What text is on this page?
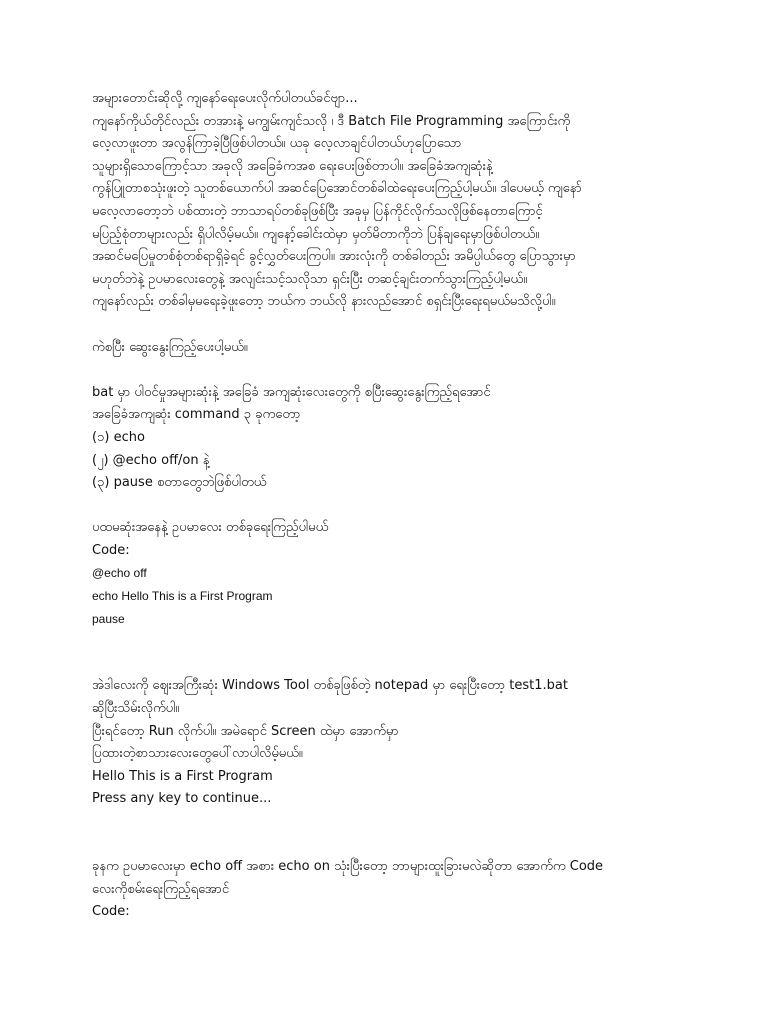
အများတောင်းဆိုလို့ ကျနော်ရေးပေးလိုက်ပါတယ်ခင်ဗျာ...

ကျနော်ကိုယ်တိုင်လည်း တအားနဲ့ မကျွမ်းကျင်သလို ၊ ဒီ Batch File Programming အကြောင်းကို

လေ့လာဖူးတာ အလွန်ကြာခဲ့ပြီဖြစ်ပါတယ်။ ယခု လေ့လာချင်ပါတယ်ဟုပြောသော

သူများရှိသောကြောင့်သာ အခုလို အခြေခံကအစ ရေးပေးဖြစ်တာပါ။ အခြေခံအကျဆုံးနဲ့

ကွန်ပြူတာစသုံးဖူးတဲ့ သူတစ်ယောက်ပါ အဆင်ပြေအောင်တစ်ခါထဲရေးပေးကြည့်ပါ့မယ်။ ဒါပေမယ့် ကျနော်

မလေ့လာတော့ဘဲ ပစ်ထားတဲ့ ဘာသာရပ်တစ်ခုဖြစ်ပြီး အခုမှ ပြန်ကိုင်လိုက်သလိုဖြစ်နေတာကြောင့်

မပြည့်စုံတာများလည်း ရှိပါလိမ့်မယ်။ ကျနော့်ခေါင်းထဲမှာ မှတ်မိတာကိုဘဲ ပြန်ချရေးမှာဖြစ်ပါတယ်။

အဆင်မပြေမှုတစ်စုံတစ်ရာရှိခဲ့ရင် ခွင့်လွှတ်ပေးကြပါ။ အားလုံးကို တစ်ခါတည်း အမိပ္ပါယ်တွေ ပြောသွားမှာ

မဟုတ်ဘဲနဲ့ ဥပမာလေးတွေနဲ့ အလျင်းသင့်သလိုသာ ရှင်းပြီး တဆင့်ချင်းတက်သွားကြည့်ပါ့မယ်။

ကျနော်လည်း တစ်ခါမှမရေးခဲ့ဖူးတော့ ဘယ်က ဘယ်လို နားလည်အောင် စရှင်းပြီးရေးရမယ်မသိလို့ပါ။

ကဲစပြီး ဆွေးနွေးကြည့်ပေးပါ့မယ်။

bat မှာ ပါဝင်မှုအများဆုံးနဲ့ အခြေခံ အကျဆုံးလေးတွေကို စပြီးဆွေးနွေးကြည့်ရအောင်

အခြေခံအကျဆုံး command ၃ ခုကတော့

(၁) echo

(၂) @echo off/on နဲ့

(၃) pause စတာတွေဘဲဖြစ်ပါတယ်

ပထမဆုံးအနေနဲ့ ဥပမာလေး တစ်ခုရေးကြည့်ပါမယ်

Code:

@echo off

echo Hello This is a First Program

pause

အဲဒါလေးကို ဈေးအကြီးဆုံး Windows Tool တစ်ခုဖြစ်တဲ့ notepad မှာ ရေးပြီးတော့ test1.bat

ဆိုပြီးသိမ်းလိုက်ပါ။

ပြီးရင်တော့ Run လိုက်ပါ။ အမဲရောင် Screen ထဲမှာ အောက်မှာ

ပြထားတဲ့စာသားလေးတွေပေါ်လာပါလိမ့်မယ်။

Hello This is a First Program

Press any key to continue...

ခုနက ဥပမာလေးမှာ echo off အစား echo on သုံးပြီးတော့ ဘာများထူးခြားမလဲဆိုတာ အောက်က Code

လေးကိုစမ်းရေးကြည့်ရအောင်

Code:
